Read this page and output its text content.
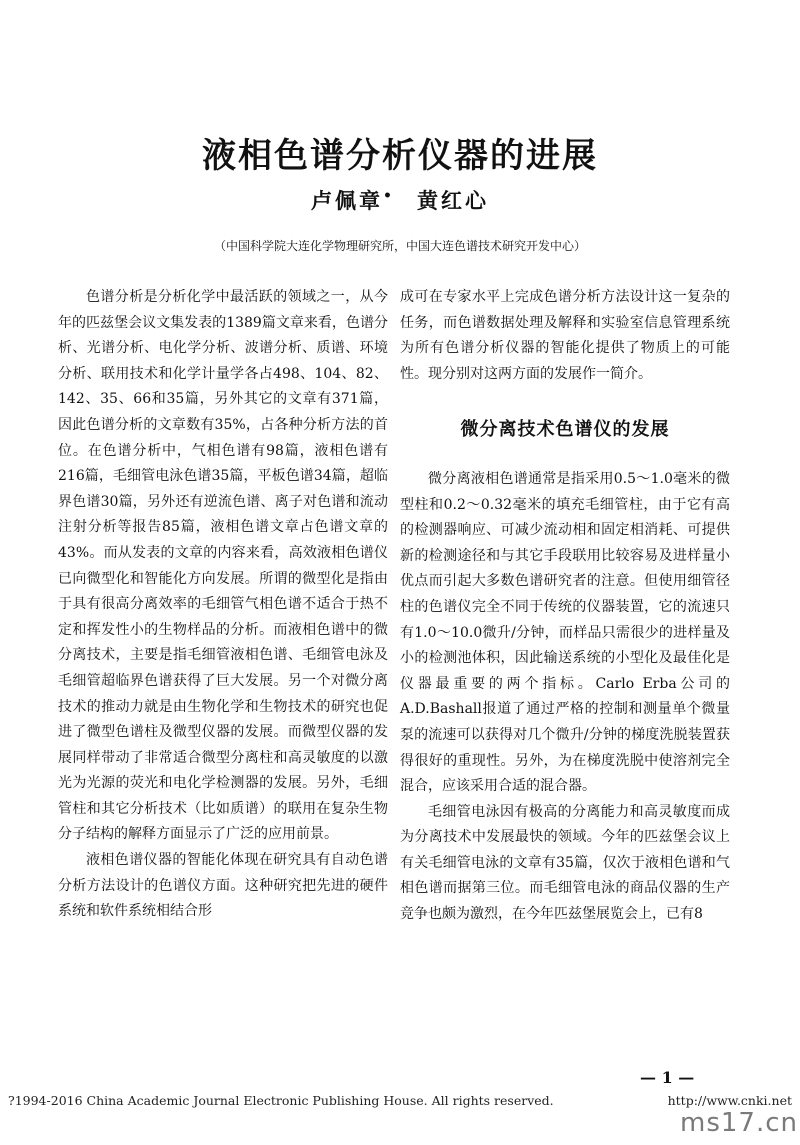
液相色谱分析仪器的进展
卢佩章• 黄红心
（中国科学院大连化学物理研究所，中国大连色谱技术研究开发中心）

色谱分析是分析化学中最活跃的领域之一，从今年的匹兹堡会议文集发表的1389篇文章来看，色谱分析、光谱分析、电化学分析、波谱分析、质谱、环境分析、联用技术和化学计量学各占498、104、82、142、35、66和35篇，另外其它的文章有371篇，因此色谱分析的文章数有35%，占各种分析方法的首位。在色谱分析中，气相色谱有98篇，液相色谱有216篇，毛细管电泳色谱35篇，平板色谱34篇，超临界色谱30篇，另外还有逆流色谱、离子对色谱和流动注射分析等报告85篇，液相色谱文章占色谱文章的43%。而从发表的文章的内容来看，高效液相色谱仪已向微型化和智能化方向发展。所谓的微型化是指由于具有很高分离效率的毛细管气相色谱不适合于热不定和挥发性小的生物样品的分析。而液相色谱中的微分离技术，主要是指毛细管液相色谱、毛细管电泳及毛细管超临界色谱获得了巨大发展。另一个对微分离技术的推动力就是由生物化学和生物技术的研究也促进了微型色谱柱及微型仪器的发展。而微型仪器的发展同样带动了非常适合微型分离柱和高灵敏度的以激光为光源的荧光和电化学检测器的发展。另外，毛细管柱和其它分析技术（比如质谱）的联用在复杂生物分子结构的解释方面显示了广泛的应用前景。

液相色谱仪器的智能化体现在研究具有自动色谱分析方法设计的色谱仪方面。这种研究把先进的硬件系统和软件系统相结合形

成可在专家水平上完成色谱分析方法设计这一复杂的任务，而色谱数据处理及解释和实验室信息管理系统为所有色谱分析仪器的智能化提供了物质上的可能性。现分别对这两方面的发展作一简介。

微分离技术色谱仪的发展

微分离液相色谱通常是指采用0.5～1.0毫米的微型柱和0.2～0.32毫米的填充毛细管柱，由于它有高的检测器响应、可减少流动相和固定相消耗、可提供新的检测途径和与其它手段联用比较容易及进样量小优点而引起大多数色谱研究者的注意。但使用细管径柱的色谱仪完全不同于传统的仪器装置，它的流速只有1.0～10.0微升/分钟，而样品只需很少的进样量及小的检测池体积，因此输送系统的小型化及最佳化是仪器最重要的两个指标。Carlo Erba公司的A.D.Bashall报道了通过严格的控制和测量单个微量泵的流速可以获得对几个微升/分钟的梯度洗脱装置获得很好的重现性。另外，为在梯度洗脱中使溶剂完全混合，应该采用合适的混合器。

毛细管电泳因有极高的分离能力和高灵敏度而成为分离技术中发展最快的领域。今年的匹兹堡会议上有关毛细管电泳的文章有35篇，仅次于液相色谱和气相色谱而据第三位。而毛细管电泳的商品仪器的生产竞争也颇为激烈，在今年匹兹堡展览会上，已有8

— 1 —
?1994-2016 China Academic Journal Electronic Publishing House. All rights reserved.	http://www.cnki.net
ms17.cn
